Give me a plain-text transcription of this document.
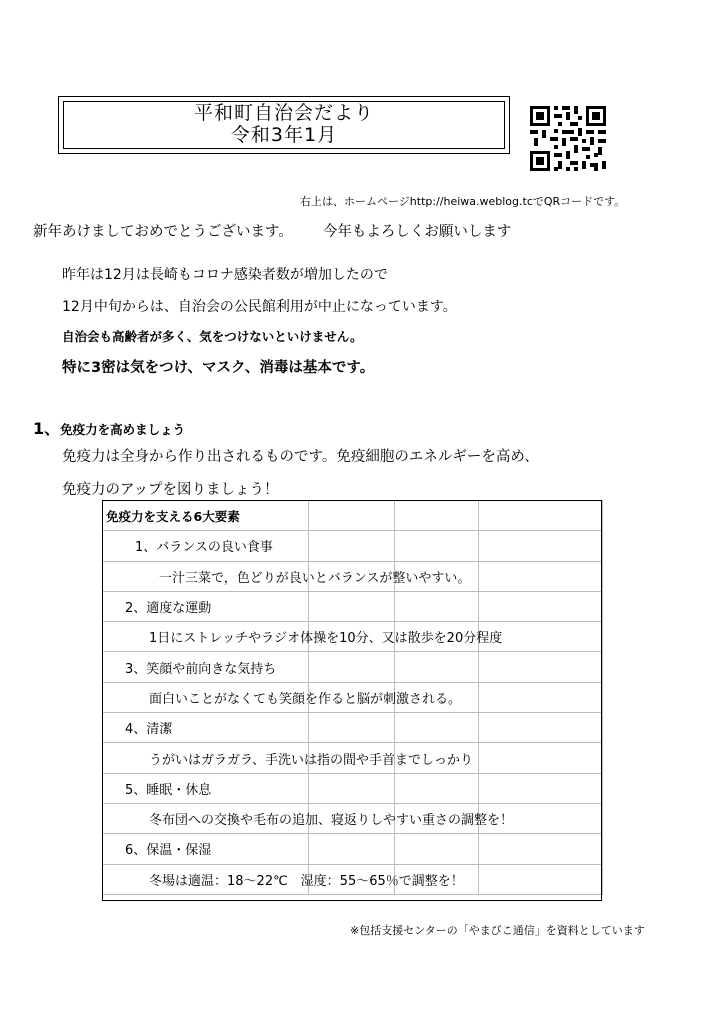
平和町自治会だより
令和3年1月
右上は、ホームページhttp://heiwa.weblog.tcでQRコードです。
新年あけましておめでとうございます。 今年もよろしくお願いします
昨年は12月は長崎もコロナ感染者数が増加したので
12月中旬からは、自治会の公民館利用が中止になっています。
自治会も高齢者が多く、気をつけないといけません。
特に3密は気をつけ、マスク、消毒は基本です。
1、免疫力を高めましょう
免疫力は全身から作り出されるものです。免疫細胞のエネルギーを高め、
免疫力のアップを図りましょう！
免疫力を支える6大要素			
1、バランスの良い食事			
一汁三菜で，色どりが良いとバランスが整いやすい。			
2、適度な運動			
1日にストレッチやラジオ体操を10分、又は散歩を20分程度			
3、笑顔や前向きな気持ち			
面白いことがなくても笑顔を作ると脳が刺激される。			
4、清潔			
うがいはガラガラ、手洗いは指の間や手首までしっかり			
5、睡眠・休息			
冬布団への交換や毛布の追加、寝返りしやすい重さの調整を！			
6、保温・保湿			
冬場は適温：18～22℃　湿度：55～65％で調整を！			
※包括支援センターの「やまびこ通信」を資料としています
